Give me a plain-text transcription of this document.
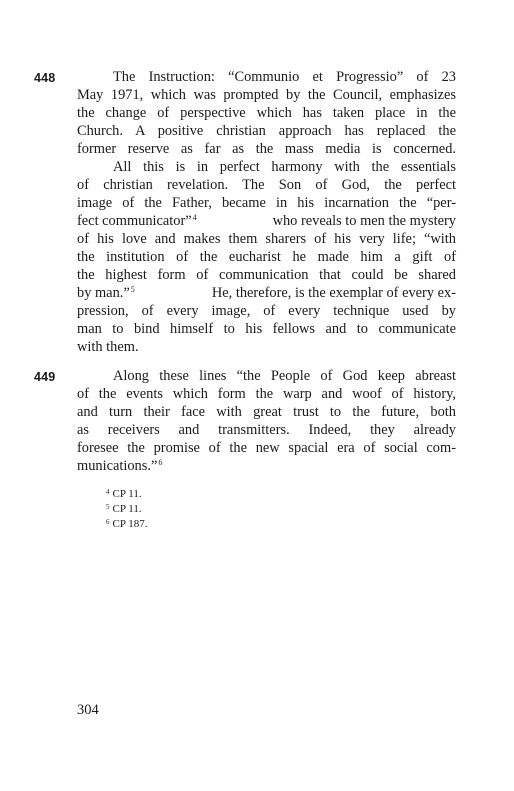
448	The Instruction: “Communio et Progressio” of 23
May 1971, which was prompted by the Council, emphasizes
the change of perspective which has taken place in the
Church. A positive christian approach has replaced the
former reserve as far as the mass media is concerned.
All this is in perfect harmony with the essentials
of christian revelation. The Son of God, the perfect
image of the Father, became in his incarnation the “per-
fect communicator”$^4$	who reveals to men the mystery
of his love and makes them sharers of his very life; “with
the institution of the eucharist he made him a gift of
the highest form of communication that could be shared
by man.”$^5$	He, therefore, is the exemplar of every ex-
pression, of every image, of every technique used by
man to bind himself to his fellows and to communicate
with them.
449	Along these lines “the People of God keep abreast
of the events which form the warp and woof of history,
and turn their face with great trust to the future, both
as receivers and transmitters. Indeed, they already
foresee the promise of the new spacial era of social com-
munications.”$^6$
$^4$ CP 11.
$^5$ CP 11.
$^6$ CP 187.
304
